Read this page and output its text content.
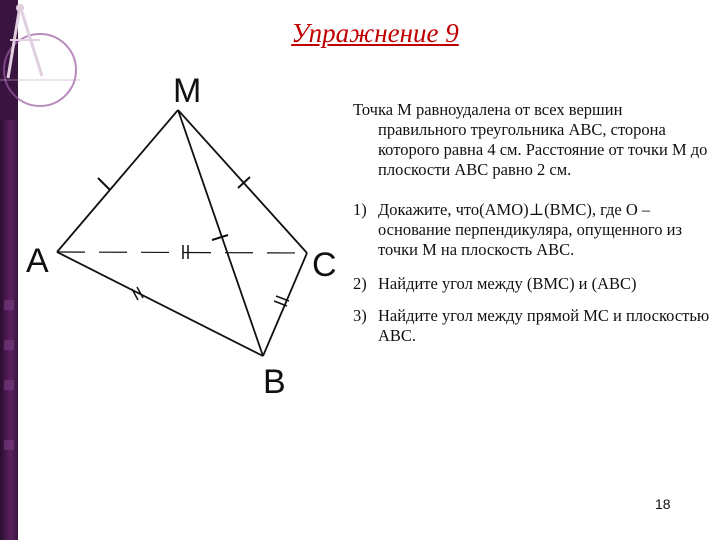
Упражнение 9
M
A	C
B

Точка М равноудалена от всех вершин
правильного треугольника АВС, сторона которого равна 4 см. Расстояние от точки М до плоскости АВС равно 2 см.

1) Докажите, что(АМО)⊥(ВМС), где О – основание перпендикуляра, опущенного из точки М на плоскость АВС.
2) Найдите угол между (ВМС) и (АВС)
3) Найдите угол между прямой МС и плоскостью АВС.
18
